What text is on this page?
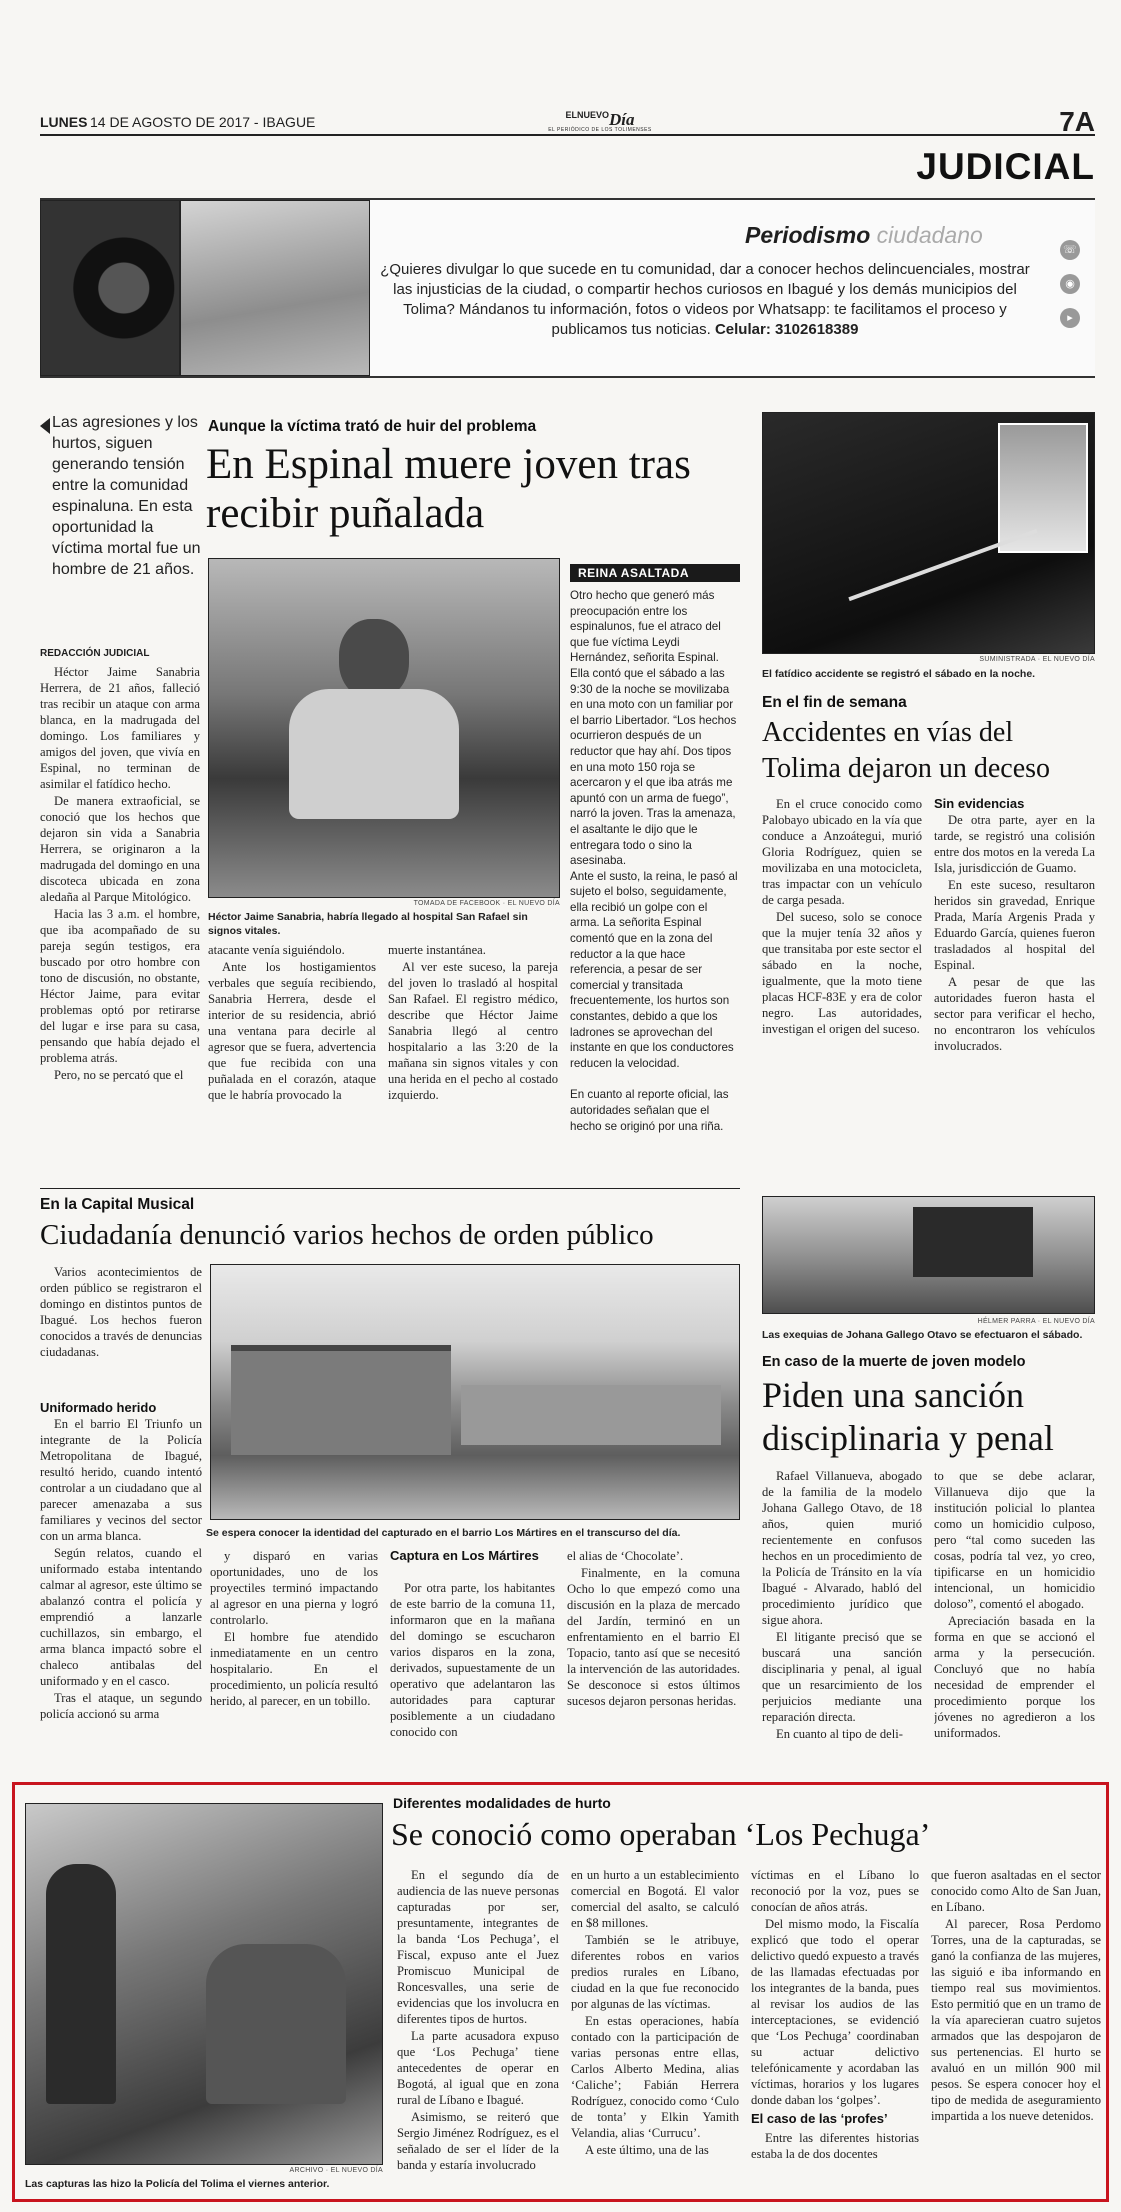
LUNES 14 DE AGOSTO DE 2017 - IBAGUE	$^{ELNUEVO}$Día
EL PERIÓDICO DE LOS TOLIMENSES	7A
JUDICIAL
Periodismo ciudadano
¿Quieres divulgar lo que sucede en tu comunidad, dar a conocer hechos delincuenciales, mostrar las injusticias de la ciudad, o compartir hechos curiosos en Ibagué y los demás municipios del Tolima? Mándanos tu información, fotos o videos por Whatsapp: te facilitamos el proceso y publicamos tus noticias. Celular: 3102618389
☏
◉
▸
Las agresiones y los hurtos, siguen generando tensión entre la comunidad espinaluna. En esta oportunidad la víctima mortal fue un hombre de 21 años.
REDACCIÓN JUDICIAL

Héctor Jaime Sanabria Herrera, de 21 años, falleció tras recibir un ataque con arma blanca, en la madrugada del domingo. Los familiares y amigos del joven, que vivía en Espinal, no terminan de asimilar el fatídico hecho.

De manera extraoficial, se conoció que los hechos que dejaron sin vida a Sanabria Herrera, se originaron a la madrugada del domingo en una discoteca ubicada en zona aledaña al Parque Mitológico.

Hacia las 3 a.m. el hombre, que iba acompañado de su pareja según testigos, era buscado por otro hombre con tono de discusión, no obstante, Héctor Jaime, para evitar problemas optó por retirarse del lugar e irse para su casa, pensando que había dejado el problema atrás.

Pero, no se percató que el

Aunque la víctima trató de huir del problema
En Espinal muere joven tras recibir puñalada
TOMADA DE FACEBOOK · EL NUEVO DÍA
Héctor Jaime Sanabria, habría llegado al hospital San Rafael sin signos vitales.

atacante venía siguiéndolo.

Ante los hostigamientos verbales que seguía recibiendo, Sanabria Herrera, desde el interior de su residencia, abrió una ventana para decirle al agresor que se fuera, advertencia que fue recibida con una puñalada en el corazón, ataque que le habría provocado la

muerte instantánea.

Al ver este suceso, la pareja del joven lo trasladó al hospital San Rafael. El registro médico, describe que Héctor Jaime Sanabria llegó al centro hospitalario a las 3:20 de la mañana sin signos vitales y con una herida en el pecho al costado izquierdo.

REINA ASALTADA

Otro hecho que generó más preocupación entre los espinalunos, fue el atraco del que fue víctima Leydi Hernández, señorita Espinal. Ella contó que el sábado a las 9:30 de la noche se movilizaba en una moto con un familiar por el barrio Libertador. “Los hechos ocurrieron después de un reductor que hay ahí. Dos tipos en una moto 150 roja se acercaron y el que iba atrás me apuntó con un arma de fuego”, narró la joven. Tras la amenaza, el asaltante le dijo que le entregara todo o sino la asesinaba.

Ante el susto, la reina, le pasó al sujeto el bolso, seguidamente, ella recibió un golpe con el arma. La señorita Espinal comentó que en la zona del reductor a la que hace referencia, a pesar de ser comercial y transitada frecuentemente, los hurtos son constantes, debido a que los ladrones se aprovechan del instante en que los conductores reducen la velocidad.

En cuanto al reporte oficial, las autoridades señalan que el hecho se originó por una riña.

SUMINISTRADA · EL NUEVO DÍA
El fatídico accidente se registró el sábado en la noche.
En el fin de semana
Accidentes en vías del Tolima dejaron un deceso

En el cruce conocido como Palobayo ubicado en la vía que conduce a Anzoátegui, murió Gloria Rodríguez, quien se movilizaba en una motocicleta, tras impactar con un vehículo de carga pesada.

Del suceso, solo se conoce que la mujer tenía 32 años y que transitaba por este sector el sábado en la noche, igualmente, que la moto tiene placas HCF-83E y era de color negro. Las autoridades, investigan el origen del suceso.

Sin evidencias

De otra parte, ayer en la tarde, se registró una colisión entre dos motos en la vereda La Isla, jurisdicción de Guamo.

En este suceso, resultaron heridos sin gravedad, Enrique Prada, María Argenis Prada y Eduardo García, quienes fueron trasladados al hospital del Espinal.

A pesar de que las autoridades fueron hasta el sector para verificar el hecho, no encontraron los vehículos involucrados.

En la Capital Musical
Ciudadanía denunció varios hechos de orden público
Varios acontecimientos de orden público se registraron el domingo en distintos puntos de Ibagué. Los hechos fueron conocidos a través de denuncias ciudadanas.
Uniformado herido

En el barrio El Triunfo un integrante de la Policía Metropolitana de Ibagué, resultó herido, cuando intentó controlar a un ciudadano que al parecer amenazaba a sus familiares y vecinos del sector con un arma blanca.

Según relatos, cuando el uniformado estaba intentando calmar al agresor, este último se abalanzó contra el policía y emprendió a lanzarle cuchillazos, sin embargo, el arma blanca impactó sobre el chaleco antibalas del uniformado y en el casco.

Tras el ataque, un segundo policía accionó su arma

Se espera conocer la identidad del capturado en el barrio Los Mártires en el transcurso del día.

y disparó en varias oportunidades, uno de los proyectiles terminó impactando al agresor en una pierna y logró controlarlo.

El hombre fue atendido inmediatamente en un centro hospitalario. En el procedimiento, un policía resultó herido, al parecer, en un tobillo.

Captura en Los Mártires

Por otra parte, los habitantes de este barrio de la comuna 11, informaron que en la mañana del domingo se escucharon varios disparos en la zona, derivados, supuestamente de un operativo que adelantaron las autoridades para capturar posiblemente a un ciudadano conocido con

el alias de ‘Chocolate’.

Finalmente, en la comuna Ocho lo que empezó como una discusión en la plaza de mercado del Jardín, terminó en un enfrentamiento en el barrio El Topacio, tanto así que se necesitó la intervención de las autoridades. Se desconoce si estos últimos sucesos dejaron personas heridas.

HÉLMER PARRA · EL NUEVO DÍA
Las exequias de Johana Gallego Otavo se efectuaron el sábado.
En caso de la muerte de joven modelo
Piden una sanción disciplinaria y penal

Rafael Villanueva, abogado de la familia de la modelo Johana Gallego Otavo, de 18 años, quien murió recientemente en confusos hechos en un procedimiento de la Policía de Tránsito en la vía Ibagué - Alvarado, habló del procedimiento jurídico que sigue ahora.

El litigante precisó que se buscará una sanción disciplinaria y penal, al igual que un resarcimiento de los perjuicios mediante una reparación directa.

En cuanto al tipo de deli-

to que se debe aclarar, Villanueva dijo que la institución policial lo plantea como un homicidio culposo, pero “tal como suceden las cosas, podría tal vez, yo creo, tipificarse en un homicidio intencional, un homicidio doloso”, comentó el abogado.

Apreciación basada en la forma en que se accionó el arma y la persecución. Concluyó que no había necesidad de emprender el procedimiento porque los jóvenes no agredieron a los uniformados.

Diferentes modalidades de hurto
Se conoció como operaban ‘Los Pechuga’
ARCHIVO · EL NUEVO DÍA
Las capturas las hizo la Policía del Tolima el viernes anterior.

En el segundo día de audiencia de las nueve personas capturadas por ser, presuntamente, integrantes de la banda ‘Los Pechuga’, el Fiscal, expuso ante el Juez Promiscuo Municipal de Roncesvalles, una serie de evidencias que los involucra en diferentes tipos de hurtos.

La parte acusadora expuso que ‘Los Pechuga’ tiene antecedentes de operar en Bogotá, al igual que en zona rural de Líbano e Ibagué.

Asimismo, se reiteró que Sergio Jiménez Rodríguez, es el señalado de ser el líder de la banda y estaría involucrado

en un hurto a un establecimiento comercial en Bogotá. El valor comercial del asalto, se calculó en $8 millones.

También se le atribuye, diferentes robos en varios predios rurales en Líbano, ciudad en la que fue reconocido por algunas de las víctimas.

En estas operaciones, había contado con la participación de varias personas entre ellas, Carlos Alberto Medina, alias ‘Caliche’; Fabián Herrera Rodríguez, conocido como ‘Culo de tonta’ y Elkin Yamith Velandia, alias ‘Currucu’.

A este último, una de las

víctimas en el Líbano lo reconoció por la voz, pues se conocían de años atrás.

Del mismo modo, la Fiscalía explicó que todo el operar delictivo quedó expuesto a través de las llamadas efectuadas por los integrantes de la banda, pues al revisar los audios de las interceptaciones, se evidenció que ‘Los Pechuga’ coordinaban su actuar delictivo telefónicamente y acordaban las víctimas, horarios y los lugares donde daban los ‘golpes’.

El caso de las ‘profes’

Entre las diferentes historias estaba la de dos docentes

que fueron asaltadas en el sector conocido como Alto de San Juan, en Líbano.

Al parecer, Rosa Perdomo Torres, una de la capturadas, se ganó la confianza de las mujeres, las siguió e iba informando en tiempo real sus movimientos. Esto permitió que en un tramo de la vía aparecieran cuatro sujetos armados que las despojaron de sus pertenencias. El hurto se avaluó en un millón 900 mil pesos. Se espera conocer hoy el tipo de medida de aseguramiento impartida a los nueve detenidos.
